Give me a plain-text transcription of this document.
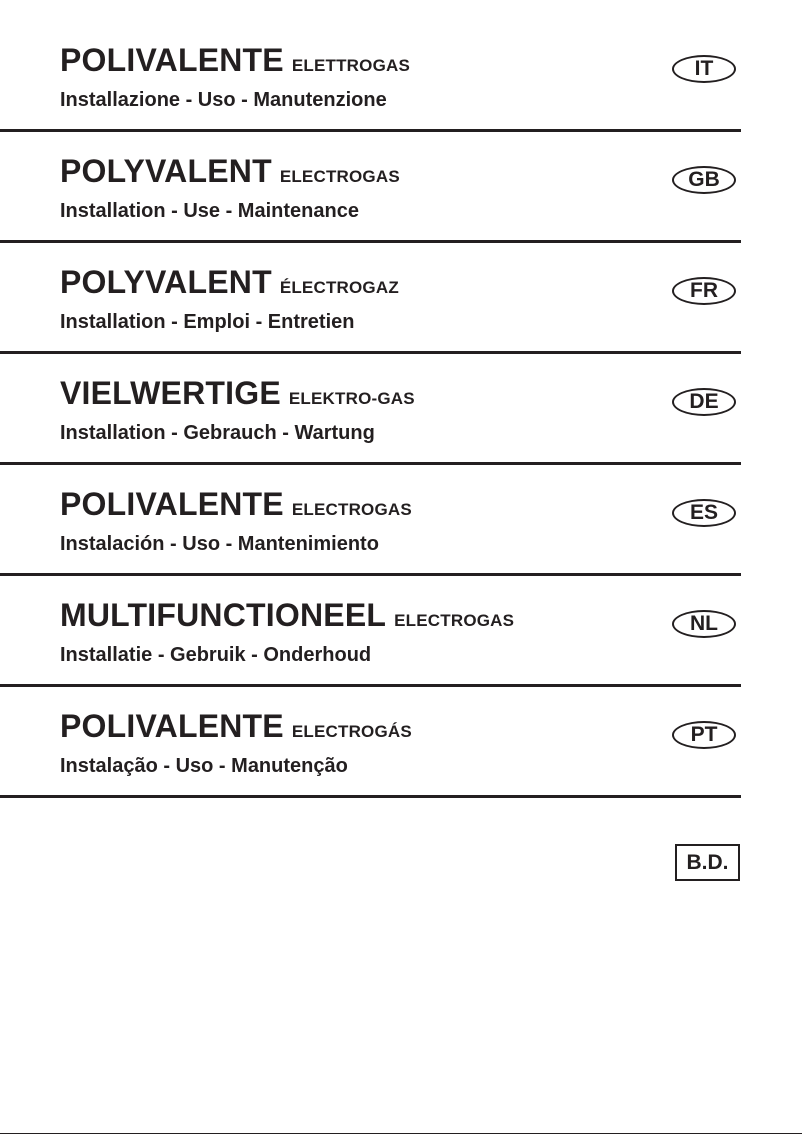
POLIVALENTE ELETTROGAS
Installazione - Uso - Manutenzione
IT
POLYVALENT ELECTROGAS
Installation - Use - Maintenance
GB
POLYVALENT ÉLECTROGAZ
Installation - Emploi - Entretien
FR
VIELWERTIGE ELEKTRO-GAS
Installation - Gebrauch - Wartung
DE
POLIVALENTE ELECTROGAS
Instalación - Uso - Mantenimiento
ES
MULTIFUNCTIONEEL ELECTROGAS
Installatie - Gebruik - Onderhoud
NL
POLIVALENTE ELECTROGÁS
Instalação - Uso - Manutenção
PT
B.D.
